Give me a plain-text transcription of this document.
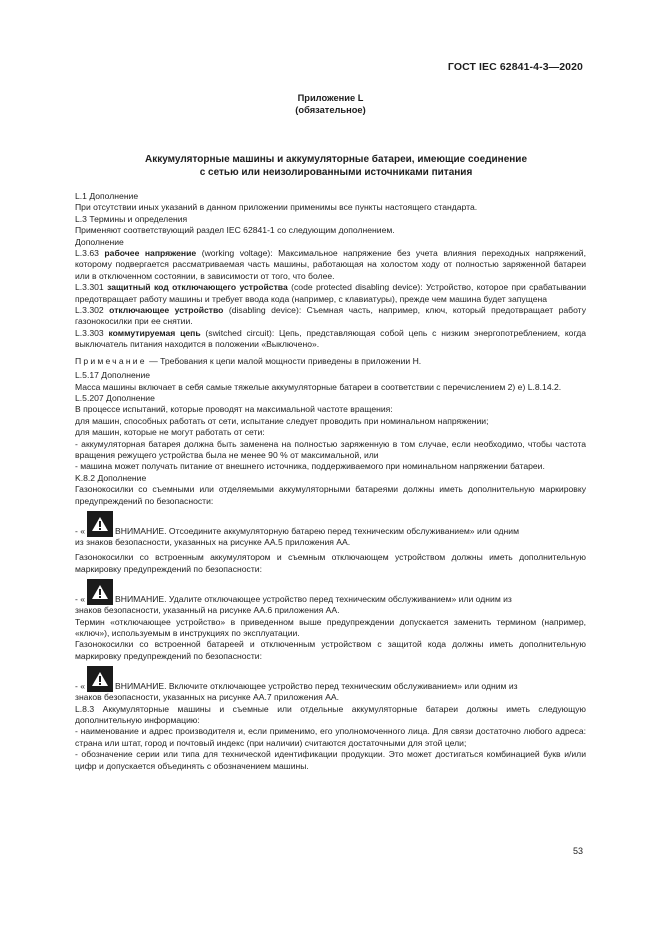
ГОСТ IEC 62841-4-3—2020
Приложение L
(обязательное)
Аккумуляторные машины и аккумуляторные батареи, имеющие соединение
с сетью или неизолированными источниками питания

L.1 Дополнение

При отсутствии иных указаний в данном приложении применимы все пункты настоящего стандарта.

L.3 Термины и определения

Применяют соответствующий раздел IEC 62841-1 со следующим дополнением.

Дополнение

L.3.63 рабочее напряжение (working voltage): Максимальное напряжение без учета влияния переходных напряжений, которому подвергается рассматриваемая часть машины, работающая на холостом ходу от полностью заряженной батареи или в отключенном состоянии, в зависимости от того, что более.

L.3.301 защитный код отключающего устройства (code protected disabling device): Устройство, которое при срабатывании предотвращает работу машины и требует ввода кода (например, с клавиатуры), прежде чем машина будет запущена

L.3.302 отключающее устройство (disabling device): Съемная часть, например, ключ, который предотвращает работу газонокосилки при ее снятии.

L.3.303 коммутируемая цепь (switched circuit): Цепь, представляющая собой цепь с низким энергопотреблением, когда выключатель питания находится в положении «Выключено».

Примечание — Требования к цепи малой мощности приведены в приложении Н.

L.5.17 Дополнение

Масса машины включает в себя самые тяжелые аккумуляторные батареи в соответствии с перечислением 2) e) L.8.14.2.

L.5.207 Дополнение

В процессе испытаний, которые проводят на максимальной частоте вращения:

для машин, способных работать от сети, испытание следует проводить при номинальном напряжении;

для машин, которые не могут работать от сети:

- аккумуляторная батарея должна быть заменена на полностью заряженную в том случае, если необходимо, чтобы частота вращения режущего устройства была не менее 90 % от максимальной, или

- машина может получать питание от внешнего источника, поддерживаемого при номинальном напряжении батареи.

K.8.2 Дополнение

Газонокосилки со съемными или отделяемыми аккумуляторными батареями должны иметь дополнительную маркировку предупреждений по безопасности:

- «	ВНИМАНИЕ. Отсоедините аккумуляторную батарею перед техническим обслуживанием» или одним

из знаков безопасности, указанных на рисунке АА.5 приложения АА.

Газонокосилки со встроенным аккумулятором и съемным отключающем устройством должны иметь дополнительную маркировку предупреждений по безопасности:

- «	ВНИМАНИЕ. Удалите отключающее устройство перед техническим обслуживанием» или одним из

знаков безопасности, указанный на рисунке АА.6 приложения АА.

Термин «отключающее устройство» в приведенном выше предупреждении допускается заменить термином (например, «ключ»), используемым в инструкциях по эксплуатации.

Газонокосилки со встроенной батареей и отключенным устройством с защитой кода должны иметь дополнительную маркировку предупреждений по безопасности:

- «	ВНИМАНИЕ. Включите отключающее устройство перед техническим обслуживанием» или одним из

знаков безопасности, указанных на рисунке АА.7 приложения АА.

L.8.3 Аккумуляторные машины и съемные или отдельные аккумуляторные батареи должны иметь следующую дополнительную информацию:

- наименование и адрес производителя и, если применимо, его уполномоченного лица. Для связи достаточно любого адреса: страна или штат, город и почтовый индекс (при наличии) считаются достаточными для этой цели;

- обозначение серии или типа для технической идентификации продукции. Это может достигаться комбинацией букв и/или цифр и допускается объединять с обозначением машины.

53
